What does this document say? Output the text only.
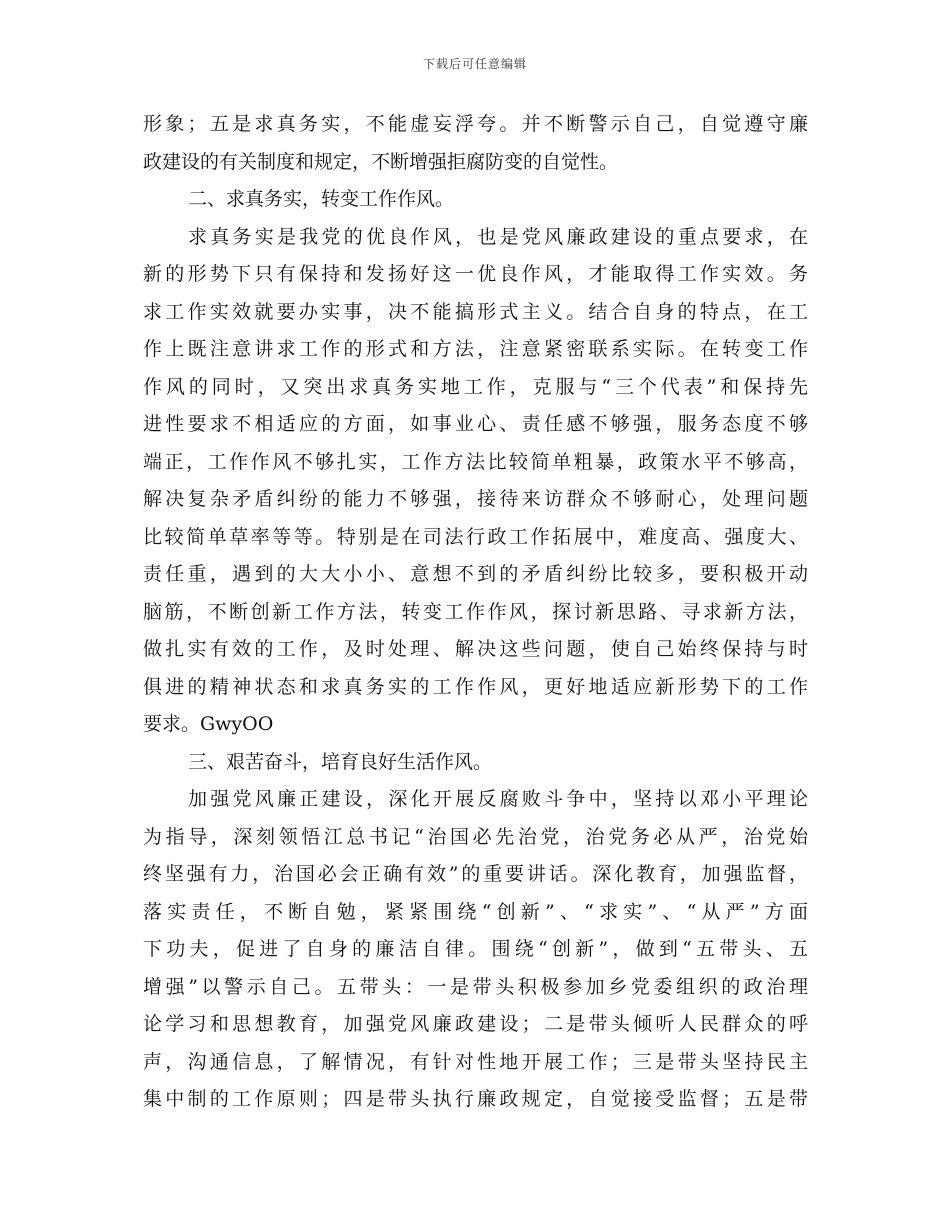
下载后可任意编辑
形象；五是求真务实，不能虚妄浮夸。并不断警示自己，自觉遵守廉
政建设的有关制度和规定，不断增强拒腐防变的自觉性。
二、求真务实，转变工作作风。
求真务实是我党的优良作风，也是党风廉政建设的重点要求，在
新的形势下只有保持和发扬好这一优良作风，才能取得工作实效。务
求工作实效就要办实事，决不能搞形式主义。结合自身的特点，在工
作上既注意讲求工作的形式和方法，注意紧密联系实际。在转变工作
作风的同时，又突出求真务实地工作，克服与“三个代表”和保持先
进性要求不相适应的方面，如事业心、责任感不够强，服务态度不够
端正，工作作风不够扎实，工作方法比较简单粗暴，政策水平不够高，
解决复杂矛盾纠纷的能力不够强，接待来访群众不够耐心，处理问题
比较简单草率等等。特别是在司法行政工作拓展中，难度高、强度大、
责任重，遇到的大大小小、意想不到的矛盾纠纷比较多，要积极开动
脑筋，不断创新工作方法，转变工作作风，探讨新思路、寻求新方法，
做扎实有效的工作，及时处理、解决这些问题，使自己始终保持与时
俱进的精神状态和求真务实的工作作风，更好地适应新形势下的工作
要求。GwyOO
三、艰苦奋斗，培育良好生活作风。
加强党风廉正建设，深化开展反腐败斗争中，坚持以邓小平理论
为指导，深刻领悟江总书记“治国必先治党，治党务必从严，治党始
终坚强有力，治国必会正确有效”的重要讲话。深化教育，加强监督，
落实责任，不断自勉，紧紧围绕“创新”、“求实”、“从严”方面
下功夫，促进了自身的廉洁自律。围绕“创新”，做到“五带头、五
增强”以警示自己。五带头：一是带头积极参加乡党委组织的政治理
论学习和思想教育，加强党风廉政建设；二是带头倾听人民群众的呼
声，沟通信息，了解情况，有针对性地开展工作；三是带头坚持民主
集中制的工作原则；四是带头执行廉政规定，自觉接受监督；五是带
